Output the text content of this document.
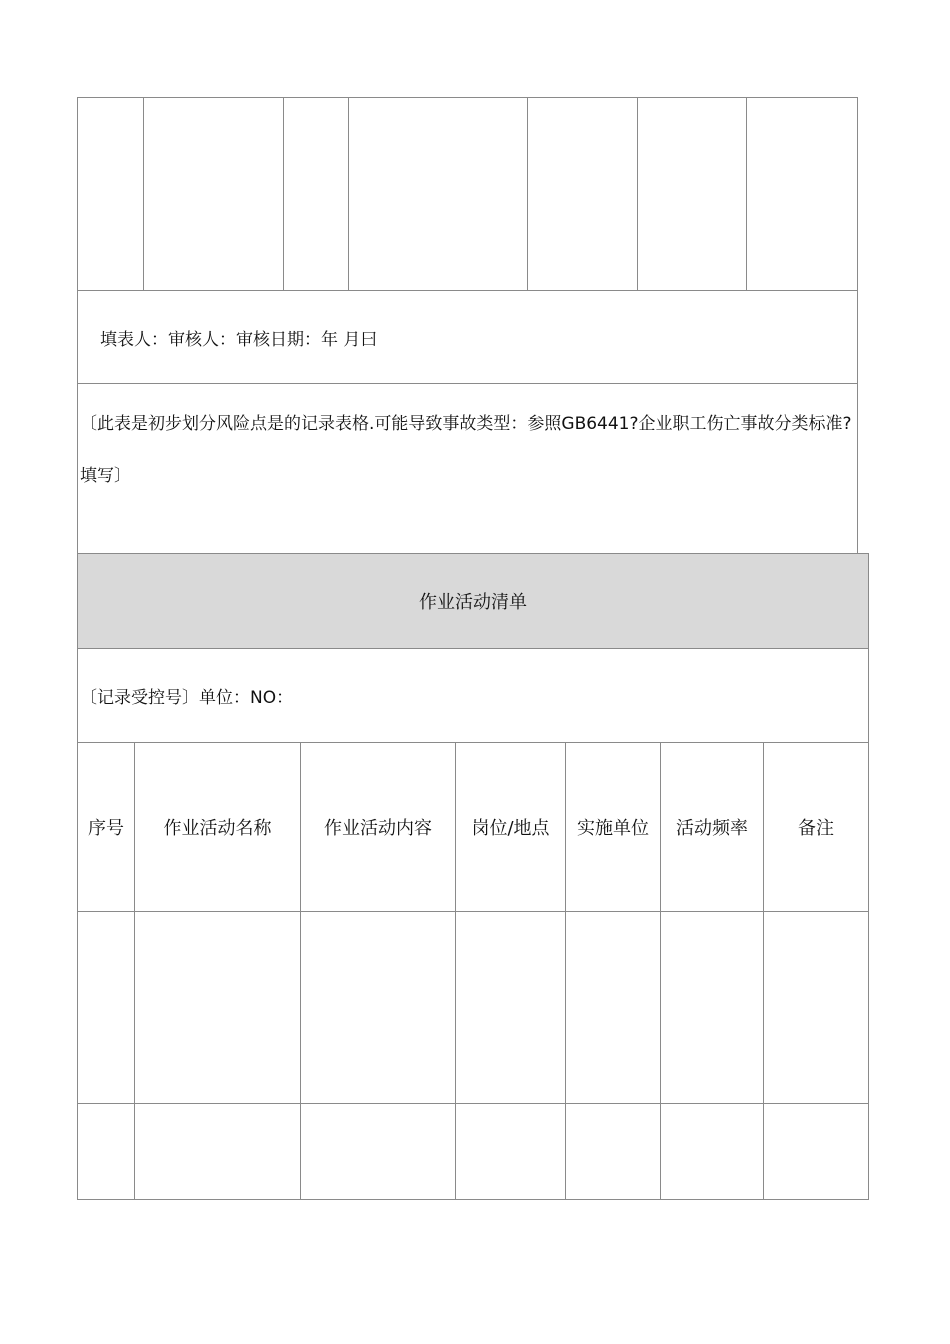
填表人：审核人：审核日期：年 月曰
〔此表是初步划分风险点是的记录表格.可能导致事故类型：参照GB6441?企业职工伤亡事故分类标准?填写〕
作业活动清单						
〔记录受控号〕单位：NO：						
序号	作业活动名称	作业活动内容	岗位/地点	实施单位	活动频率	备注
